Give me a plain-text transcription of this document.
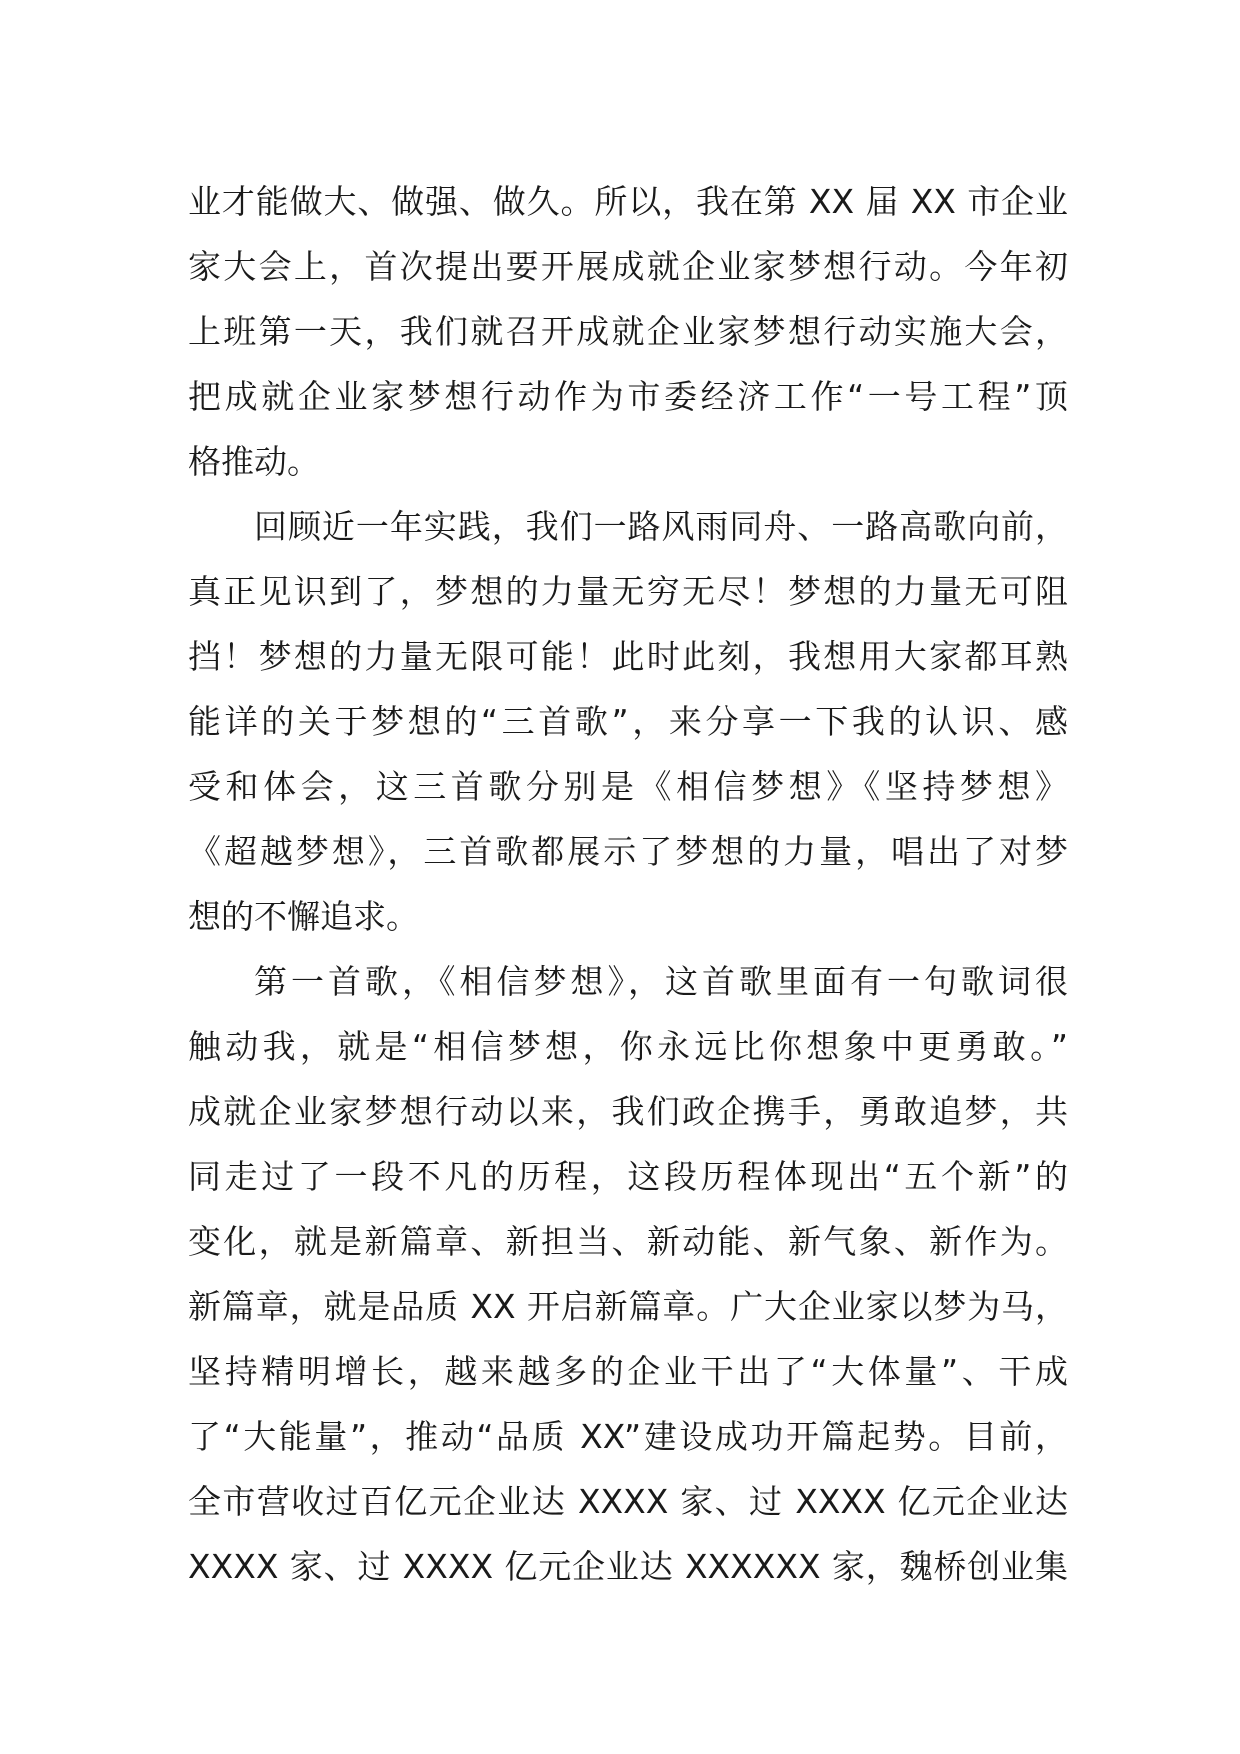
业才能做大、做强、做久。所以，我在第 XX 届 XX 市企业
家大会上，首次提出要开展成就企业家梦想行动。今年初
上班第一天，我们就召开成就企业家梦想行动实施大会，
把成就企业家梦想行动作为市委经济工作“一号工程”顶
格推动。
回顾近一年实践，我们一路风雨同舟、一路高歌向前，
真正见识到了，梦想的力量无穷无尽！梦想的力量无可阻
挡！梦想的力量无限可能！此时此刻，我想用大家都耳熟
能详的关于梦想的“三首歌”，来分享一下我的认识、感
受和体会，这三首歌分别是《相信梦想》《坚持梦想》
《超越梦想》，三首歌都展示了梦想的力量，唱出了对梦
想的不懈追求。
第一首歌，《相信梦想》，这首歌里面有一句歌词很
触动我，就是“相信梦想，你永远比你想象中更勇敢。”
成就企业家梦想行动以来，我们政企携手，勇敢追梦，共
同走过了一段不凡的历程，这段历程体现出“五个新”的
变化，就是新篇章、新担当、新动能、新气象、新作为。
新篇章，就是品质 XX 开启新篇章。广大企业家以梦为马，
坚持精明增长，越来越多的企业干出了“大体量”、干成
了“大能量”，推动“品质 XX”建设成功开篇起势。目前，
全市营收过百亿元企业达 XXXX 家、过 XXXX 亿元企业达
XXXX 家、过 XXXX 亿元企业达 XXXXXX 家，魏桥创业集
